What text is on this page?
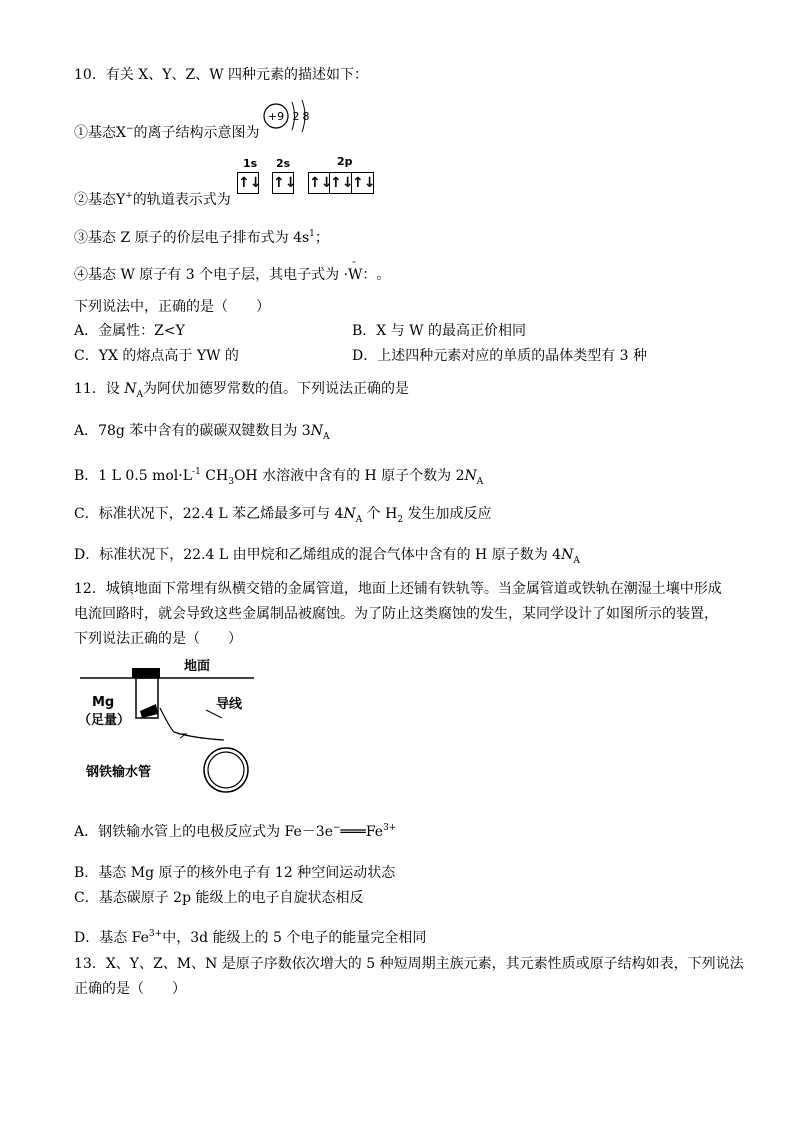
10．有关 X、Y、Z、W 四种元素的描述如下：
①基态X−的离子结构示意图为
+9 2 8
②基态Y+的轨道表示式为
1s 2s	2p
↑↓ ↑↓ ↑↓
↑↓
↑↓
③基态 Z 原子的价层电子排布式为 $4s^1$；
④基态 W 原子有 3 个电子层，其电子式为
··
·W：。
下列说法中，正确的是（　　）
A．金属性：Z<Y	B．X 与 W 的最高正价相同
C．YX 的熔点高于 YW 的	D．上述四种元素对应的单质的晶体类型有 3 种
11．设 $N_A$为阿伏加德罗常数的值。下列说法正确的是
A．78g 苯中含有的碳碳双键数目为 $3N_A$
B．1 L 0.5 $mol\cdot L^{-1}$ $CH_3OH$ 水溶液中含有的 H 原子个数为 $2N_A$
C．标准状况下，22.4 L 苯乙烯最多可与 $4N_A$ 个 $H_2$ 发生加成反应
D．标准状况下，22.4 L 由甲烷和乙烯组成的混合气体中含有的 H 原子数为 $4N_A$
12．城镇地面下常埋有纵横交错的金属管道，地面上还铺有铁轨等。当金属管道或铁轨在潮湿土壤中形成
电流回路时，就会导致这些金属制品被腐蚀。为了防止这类腐蚀的发生，某同学设计了如图所示的装置，
下列说法正确的是（　　）
地面
Mg
（足量）
导线
钢铁输水管
A．钢铁输水管上的电极反应式为 $Fe-3e^-═══Fe^{3+}$
B．基态 Mg 原子的核外电子有 12 种空间运动状态
C．基态碳原子 2p 能级上的电子自旋状态相反
D．基态 $Fe^{3+}$中，3d 能级上的 5 个电子的能量完全相同
13．X、Y、Z、M、N 是原子序数依次增大的 5 种短周期主族元素，其元素性质或原子结构如表，下列说法
正确的是（　　）
